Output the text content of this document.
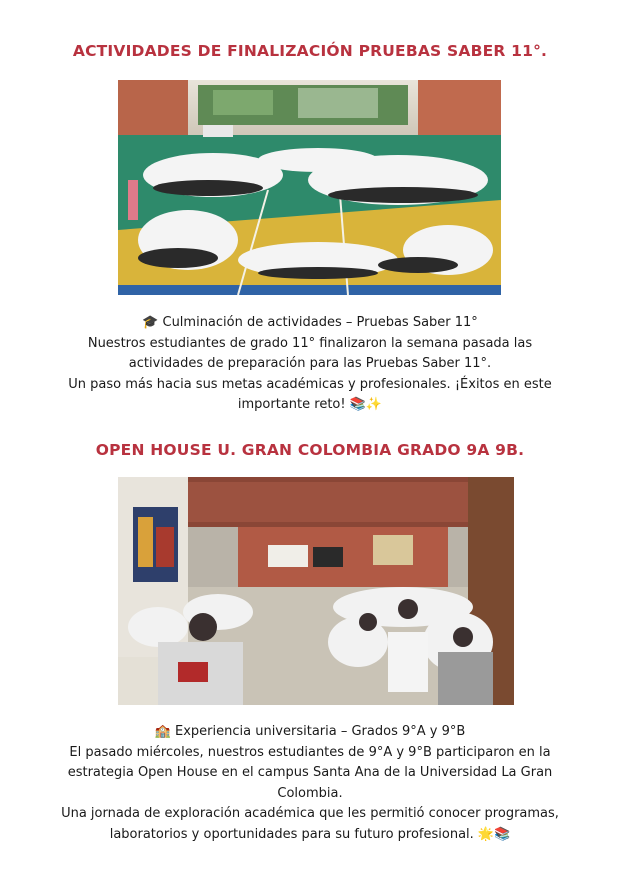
ACTIVIDADES DE FINALIZACIÓN PRUEBAS SABER 11°.

🎓 Culminación de actividades – Pruebas Saber 11°

Nuestros estudiantes de grado 11° finalizaron la semana pasada las

actividades de preparación para las Pruebas Saber 11°.

Un paso más hacia sus metas académicas y profesionales. ¡Éxitos en este

importante reto! 📚✨

OPEN HOUSE U. GRAN COLOMBIA GRADO 9A 9B.

🏫 Experiencia universitaria – Grados 9°A y 9°B

El pasado miércoles, nuestros estudiantes de 9°A y 9°B participaron en la

estrategia Open House en el campus Santa Ana de la Universidad La Gran

Colombia.

Una jornada de exploración académica que les permitió conocer programas,

laboratorios y oportunidades para su futuro profesional. 🌟📚
